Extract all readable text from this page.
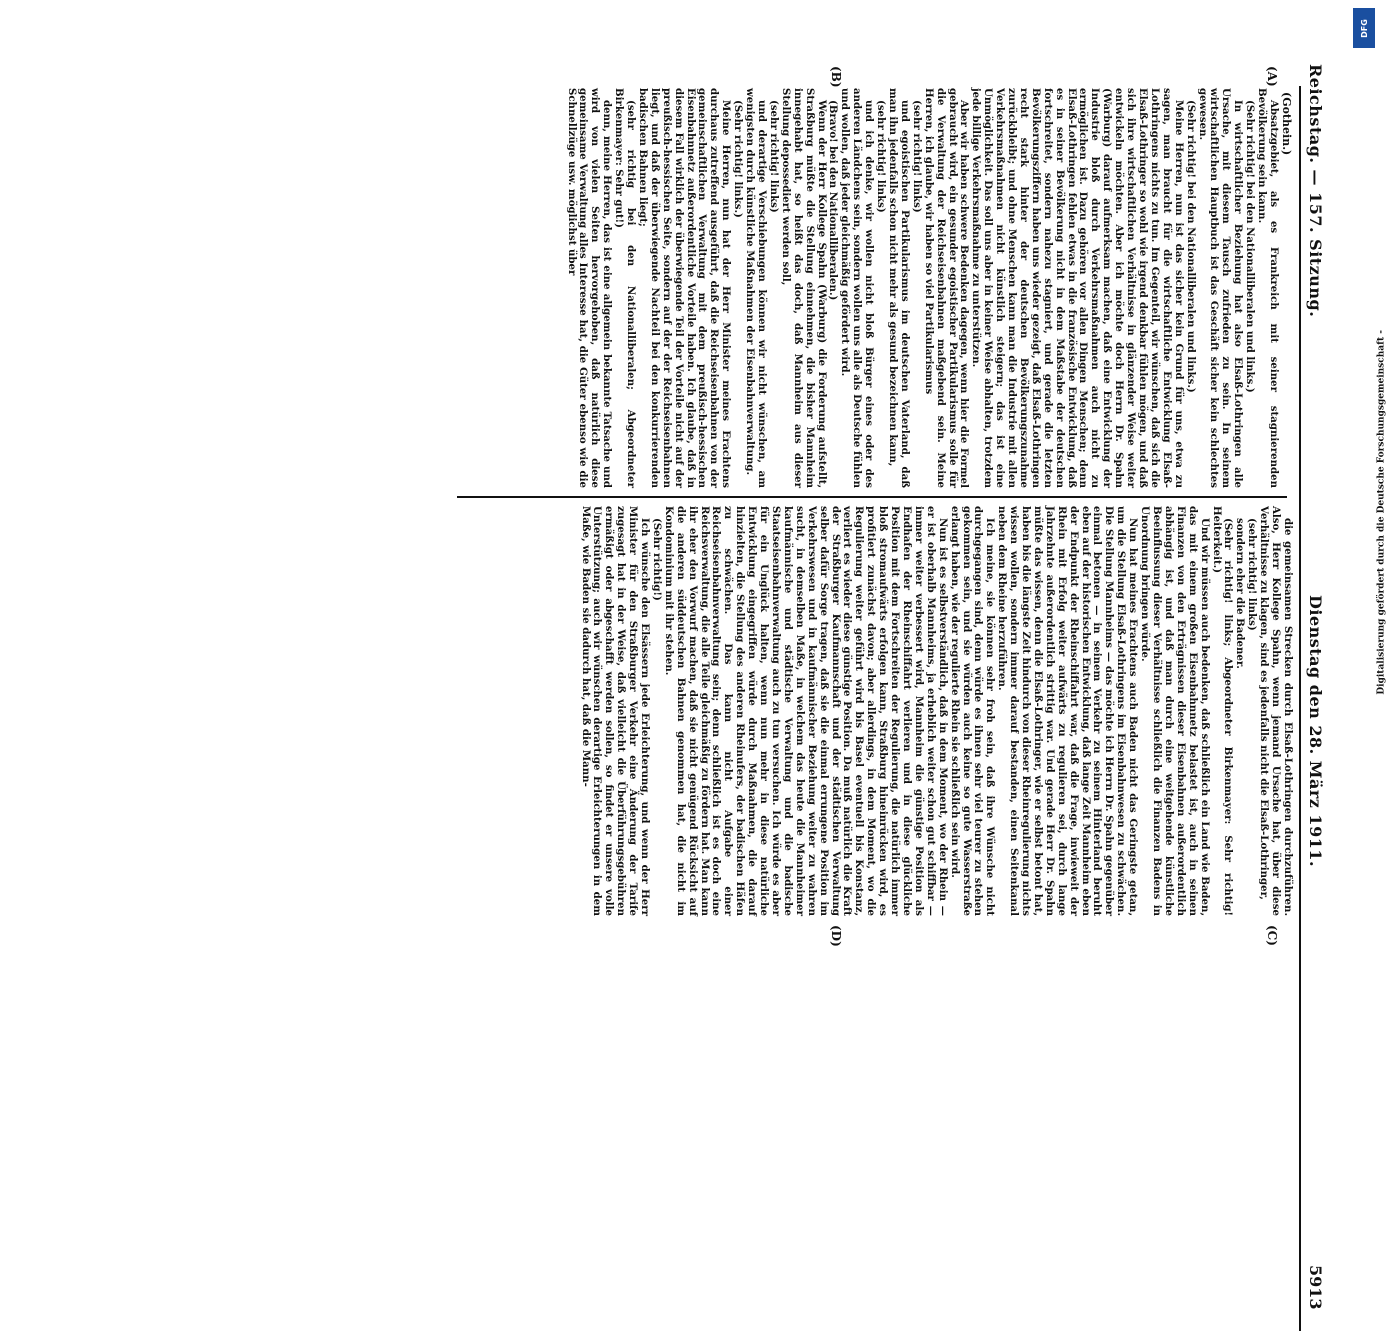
Reichstag. — 157. Sitzung.
Dienstag den 28. März 1911.
5913
(Gothein.)
(A)
(B)
(C)
(D)

Absatzgebiet, als es Frankreich mit seiner stagnierenden Bevölkerung sein kann.

(Sehr richtig! bei den Nationalliberalen und links.)

In wirtschaftlicher Beziehung hat also Elsaß-Lothringen alle Ursache, mit diesem Tausch zufrieden zu sein. In seinem wirtschaftlichen Hauptbuch ist das Geschäft sicher kein schlechtes gewesen.

(Sehr richtig! bei den Nationalliberalen und links.)

Meine Herren, nun ist das sicher kein Grund für uns, etwa zu sagen, man braucht für die wirtschaftliche Entwicklung Elsaß-Lothringens nichts zu tun. Im Gegenteil, wir wünschen, daß sich die Elsaß-Lothringer so wohl wie irgend denkbar fühlen mögen, und daß sich ihre wirtschaftlichen Verhältnisse in glänzender Weise weiter entwickeln möchten. Aber ich möchte doch Herrn Dr. Spahn (Warburg) darauf aufmerksam machen, daß eine Entwicklung der Industrie bloß durch Verkehrsmaßnahmen auch nicht zu ermöglichen ist. Dazu gehören vor allen Dingen Menschen; denn Elsaß-Lothringen fehlen etwas in die französische Entwicklung, daß es in seiner Bevölkerung nicht in dem Maßstabe der deutschen fortschreitet, sondern nahezu stagniert, und gerade die letzten Bevölkerungsziffern haben uns wieder gezeigt, daß Elsaß-Lothringen recht stark hinter der deutschen Bevölkerungszunahme zurückbleibt; und ohne Menschen kann man die Industrie mit allen Verkehrsmaßnahmen nicht künstlich steigern; das ist eine Unmöglichkeit. Das soll uns aber in keiner Weise abhalten, trotzdem jede billige Verkehrsmaßnahme zu unterstützen.

Aber wir haben schwere Bedenken dagegen, wenn hier die Formel gebraucht wird, ein gesunder egoistischer Partikularismus solle für die Verwaltung der Reichseisenbahnen maßgebend sein. Meine Herren, ich glaube, wir haben so viel Partikularismus

(sehr richtig! links)

und egoistischen Partikularismus im deutschen Vaterland, daß man ihn jedenfalls schon nicht mehr als gesund bezeichnen kann,

(sehr richtig! links)

und ich denke, wir wollen nicht bloß Bürger eines oder des anderen Ländchens sein, sondern wollen uns alle als Deutsche fühlen und wollen, daß jeder gleichmäßig gefördert wird.

(Bravo! bei den Nationalliberalen.)

Wenn der Herr Kollege Spahn (Warburg) die Forderung aufstellt, Straßburg müßte die Stellung einnehmen, die bisher Mannheim innegehabt hat, so heißt das doch, daß Mannheim aus dieser Stellung depossediert werden soll,

(sehr richtig! links)

und derartige Verschiebungen können wir nicht wünschen, am wenigsten durch künstliche Maßnahmen der Eisenbahnverwaltung.

(Sehr richtig! links.)

Meine Herren, nun hat der Herr Minister meines Erachtens durchaus zutreffend ausgeführt, daß die Reichseisenbahnen von der gemeinschaftlichen Verwaltung mit dem preußisch-hessischen Eisenbahnnetz außerordentliche Vorteile haben. Ich glaube, daß in diesem Fall wirklich der überwiegende Teil der Vorteile nicht auf der preußisch-hessischen Seite, sondern auf der der Reichseisenbahnen liegt, und daß der überwiegende Nachteil bei den konkurrierenden badischen Bahnen liegt;

(sehr richtig bei den Nationalliberalen; Abgeordneter Birkenmayer: Sehr gut!)

denn, meine Herren, das ist eine allgemein bekannte Tatsache und wird von vielen Seiten hervorgehoben, daß natürlich diese gemeinsame Verwaltung alles Interesse hat, die Güter ebenso wie die Schnellzüge usw. möglichst über

die gemeinsamen Strecken durch Elsaß-Lothringen durchzuführen. Also, Herr Kollege Spahn, wenn jemand Ursache hat, über diese Verhältnisse zu klagen, sind es jedenfalls nicht die Elsaß-Lothringer,

(sehr richtig! links)

sondern eher die Badener.

(Sehr richtig! links; Abgeordneter Birkenmayer: Sehr richtig! Heiterkeit.)

Und wir müssen auch bedenken, daß schließlich ein Land wie Baden, das mit einem großen Eisenbahnnetz belastet ist, auch in seinen Finanzen von den Erträgnissen dieser Eisenbahnen außerordentlich abhängig ist, und daß man durch eine weitgehende künstliche Beeinflussung dieser Verhältnisse schließlich die Finanzen Badens in Unordnung bringen würde.

Nun hat meines Erachtens auch Baden nicht das Geringste getan, um die Stellung Elsaß-Lothringens im Eisenbahnwesen zu schwächen. Die Stellung Mannheims — das möchte ich Herrn Dr. Spahn gegenüber einmal betonen — in seinem Verkehr zu seinem Hinterland beruht eben auf der historischen Entwicklung, daß lange Zeit Mannheim eben der Endpunkt der Rheinschiffahrt war, daß die Frage, inwieweit der Rhein mit Erfolg weiter aufwärts zu regulieren sei, durch lange Jahrzehnte außerordentlich strittig war. Und gerade Herr Dr. Spahn müßte das wissen, denn die Elsaß-Lothringer, wie er selbst betont hat, haben bis die längste Zeit hindurch von dieser Rheinregulierung nichts wissen wollen, sondern immer darauf bestanden, einen Seitenkanal neben dem Rheine herzuführen.

Ich meine, sie können sehr froh sein, daß ihre Wünsche nicht durchgegangen sind, denn würde es ihnen sehr viel teurer zu stehen gekommen sein, und sie würden auch keine so gute Wasserstraße erlangt haben, wie der regulierte Rhein sie schließlich sein wird.

Nun ist es selbstverständlich, daß in dem Moment, wo der Rhein — er ist oberhalb Mannheims, ja erheblich weiter schon gut schiffbar — immer weiter verbessert wird, Mannheim die günstige Position als Endhafen der Rheinschiffahrt verlieren und in diese glückliche Position mit dem Fortschreiten der Regulierung, die natürlich immer bloß stromaufwärts erfolgen kann, Straßburg hineinrücken wird, es profitiert zunächst davon; aber allerdings, in dem Moment, wo die Regulierung weiter geführt wird bis Basel eventuell bis Konstanz, verliert es wieder diese günstige Position. Da muß natürlich die Kraft der Straßburger Kaufmannschaft und der städtischen Verwaltung selber dafür Sorge tragen, daß sie die einmal errungene Position im Verkehrswesen und in kaufmännischer Beziehung weiter zu wahren sucht, in demselben Maße, in welchem das heute die Mannheimer kaufmännische und städtische Verwaltung und die badische Staatseisenbahnverwaltung auch zu tun versuchen. Ich würde es aber für ein Unglück halten, wenn nun mehr in diese natürliche Entwicklung eingegriffen würde durch Maßnahmen, die darauf hinzielten, die Stellung des anderen Rheinufers, der badischen Häfen zu schwächen. Das kann nicht Aufgabe einer Reichseisenbahnverwaltung sein; denn schließlich ist es doch eine Reichsverwaltung, die alle Teile gleichmäßig zu fördern hat. Man kann ihr eher den Vorwurf machen, daß sie nicht genügend Rücksicht auf die anderen süddeutschen Bahnen genommen hat, die nicht im Kondominium mit ihr stehen.

(Sehr richtig!)

Ich wünsche den Elsässern jede Erleichterung, und wenn der Herr Minister für den Straßburger Verkehr eine Änderung der Tarife zugesagt hat in der Weise, daß vielleicht die Überführungsgebühren ermäßigt oder abgeschafft werden sollen, so findet er unsere volle Unterstützung; auch wir wünschen derartige Erleichterungen in dem Maße, wie Baden sie dadurch hat, daß die Mann-

DFG
Digitalisierung gefördert durch die Deutsche Forschungsgemeinschaft -
